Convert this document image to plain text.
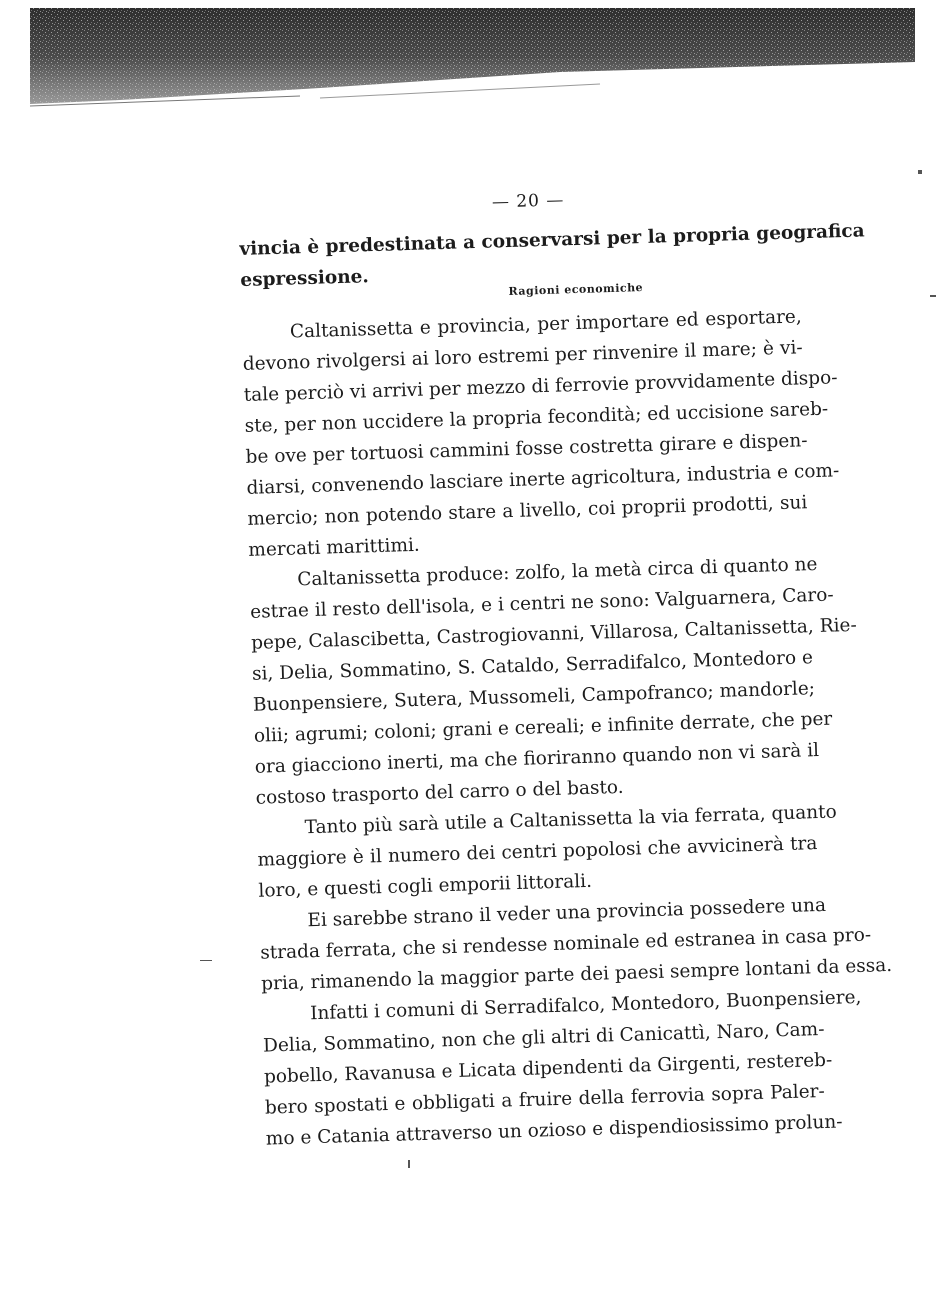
— 20 —
vincia è predestinata a conservarsi per la propria geografica
espressione.	Ragioni economiche
Caltanissetta e provincia, per importare ed esportare,
devono rivolgersi ai loro estremi per rinvenire il mare; è vi-
tale perciò vi arrivi per mezzo di ferrovie provvidamente dispo-
ste, per non uccidere la propria fecondità; ed uccisione sareb-
be ove per tortuosi cammini fosse costretta girare e dispen-
diarsi, convenendo lasciare inerte agricoltura, industria e com-
mercio; non potendo stare a livello, coi proprii prodotti, sui
mercati marittimi.
Caltanissetta produce: zolfo, la metà circa di quanto ne
estrae il resto dell'isola, e i centri ne sono: Valguarnera, Caro-
pepe, Calascibetta, Castrogiovanni, Villarosa, Caltanissetta, Rie-
si, Delia, Sommatino, S. Cataldo, Serradifalco, Montedoro e
Buonpensiere, Sutera, Mussomeli, Campofranco; mandorle;
olii; agrumi; coloni; grani e cereali; e infinite derrate, che per
ora giacciono inerti, ma che fioriranno quando non vi sarà il
costoso trasporto del carro o del basto.
Tanto più sarà utile a Caltanissetta la via ferrata, quanto
maggiore è il numero dei centri popolosi che avvicinerà tra
loro, e questi cogli emporii littorali.
Ei sarebbe strano il veder una provincia possedere una
strada ferrata, che si rendesse nominale ed estranea in casa pro-
pria, rimanendo la maggior parte dei paesi sempre lontani da essa.
Infatti i comuni di Serradifalco, Montedoro, Buonpensiere,
Delia, Sommatino, non che gli altri di Canicattì, Naro, Cam-
pobello, Ravanusa e Licata dipendenti da Girgenti, restereb-
bero spostati e obbligati a fruire della ferrovia sopra Paler-
mo e Catania attraverso un ozioso e dispendiosissimo prolun-
